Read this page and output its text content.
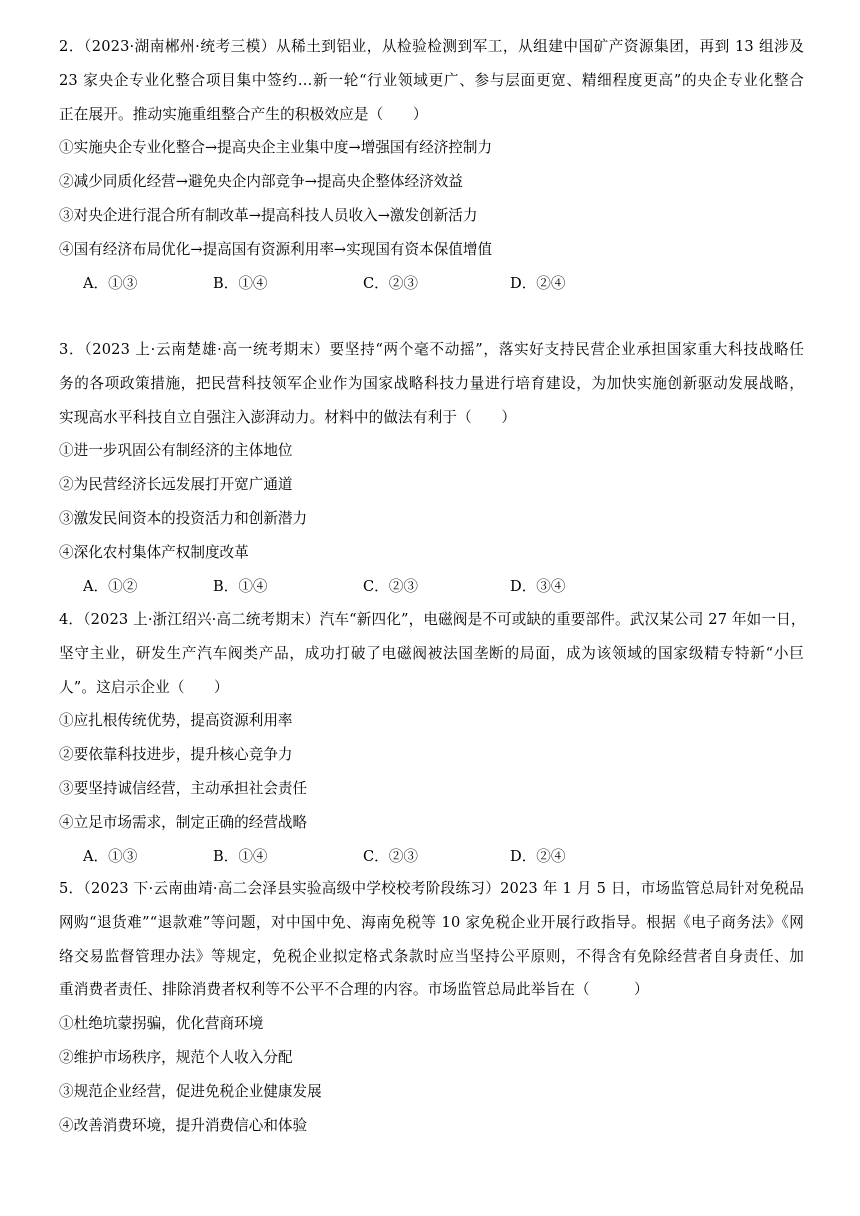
2．（2023·湖南郴州·统考三模）从稀土到铝业，从检验检测到军工，从组建中国矿产资源集团，再到 13 组涉及
23 家央企专业化整合项目集中签约…新一轮“行业领域更广、参与层面更宽、精细程度更高”的央企专业化整合
正在展开。推动实施重组整合产生的积极效应是（　　）
①实施央企专业化整合→提高央企主业集中度→增强国有经济控制力
②减少同质化经营→避免央企内部竞争→提高央企整体经济效益
③对央企进行混合所有制改革→提高科技人员收入→激发创新活力
④国有经济布局优化→提高国有资源利用率→实现国有资本保值增值
A．①③	B．①④	C．②③	D．②④
3．（2023 上·云南楚雄·高一统考期末）要坚持“两个毫不动摇”，落实好支持民营企业承担国家重大科技战略任
务的各项政策措施，把民营科技领军企业作为国家战略科技力量进行培育建设，为加快实施创新驱动发展战略，
实现高水平科技自立自强注入澎湃动力。材料中的做法有利于（　　）
①进一步巩固公有制经济的主体地位
②为民营经济长远发展打开宽广通道
③激发民间资本的投资活力和创新潜力
④深化农村集体产权制度改革
A．①②	B．①④	C．②③	D．③④
4．（2023 上·浙江绍兴·高二统考期末）汽车“新四化”，电磁阀是不可或缺的重要部件。武汉某公司 27 年如一日，
坚守主业，研发生产汽车阀类产品，成功打破了电磁阀被法国垄断的局面，成为该领域的国家级精专特新“小巨
人”。这启示企业（　　）
①应扎根传统优势，提高资源利用率
②要依靠科技进步，提升核心竞争力
③要坚持诚信经营，主动承担社会责任
④立足市场需求，制定正确的经营战略
A．①③	B．①④	C．②③	D．②④
5．（2023 下·云南曲靖·高二会泽县实验高级中学校校考阶段练习）2023 年 1 月 5 日，市场监管总局针对免税品
网购“退货难”“退款难”等问题，对中国中免、海南免税等 10 家免税企业开展行政指导。根据《电子商务法》《网
络交易监督管理办法》等规定，免税企业拟定格式条款时应当坚持公平原则，不得含有免除经营者自身责任、加
重消费者责任、排除消费者权利等不公平不合理的内容。市场监管总局此举旨在（　　　）
①杜绝坑蒙拐骗，优化营商环境
②维护市场秩序，规范个人收入分配
③规范企业经营，促进免税企业健康发展
④改善消费环境，提升消费信心和体验
